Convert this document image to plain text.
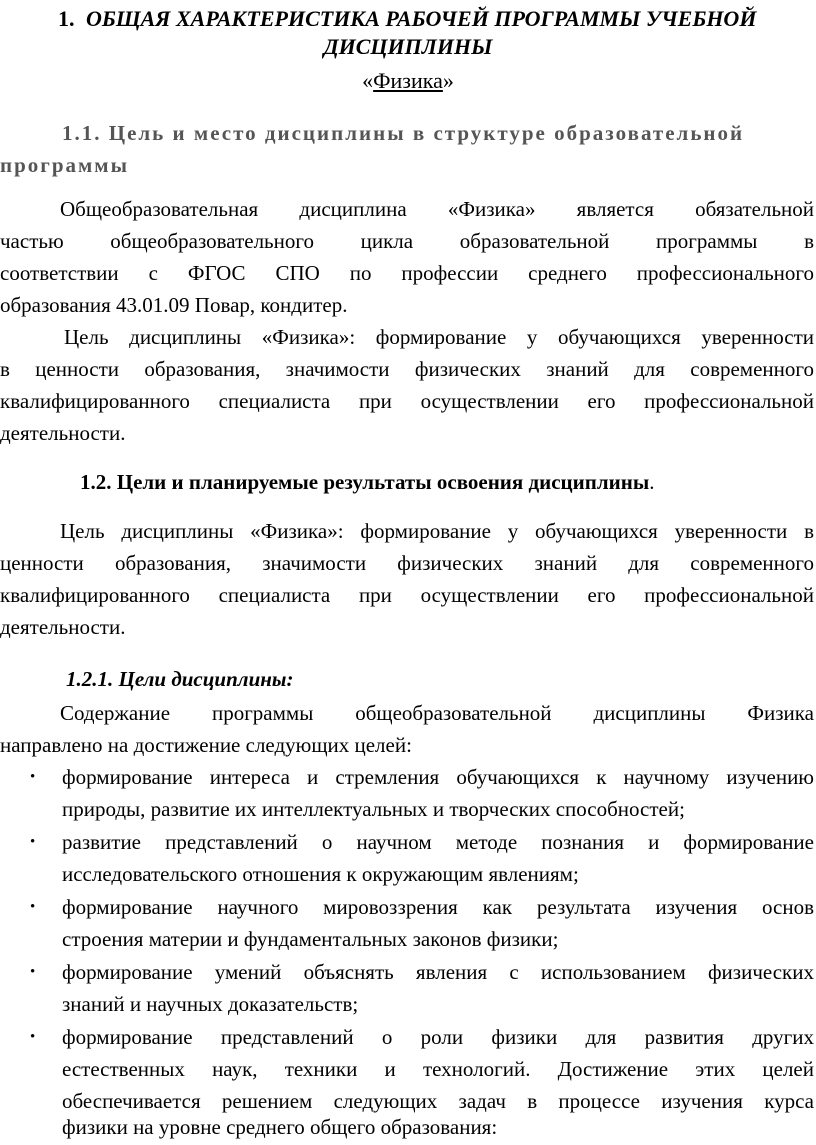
1. ОБЩАЯ ХАРАКТЕРИСТИКА РАБОЧЕЙ ПРОГРАММЫ УЧЕБНОЙ
ДИСЦИПЛИНЫ
«Физика»
1.1. Цель и место дисциплины в структуре образовательной
программы
Общеобразовательная дисциплина «Физика» является обязательной
частью общеобразовательного цикла образовательной программы в
соответствии с ФГОС СПО по профессии среднего профессионального
образования 43.01.09 Повар, кондитер.
Цель дисциплины «Физика»: формирование у обучающихся уверенности
в ценности образования, значимости физических знаний для современного
квалифицированного специалиста при осуществлении его профессиональной
деятельности.
1.2. Цели и планируемые результаты освоения дисциплины.
Цель дисциплины «Физика»: формирование у обучающихся уверенности в
ценности образования, значимости физических знаний для современного
квалифицированного специалиста при осуществлении его профессиональной
деятельности.
1.2.1. Цели дисциплины:
Содержание программы общеобразовательной дисциплины Физика
направлено на достижение следующих целей:
• формирование интереса и стремления обучающихся к научному изучению
природы, развитие их интеллектуальных и творческих способностей;
• развитие представлений о научном методе познания и формирование
исследовательского отношения к окружающим явлениям;
• формирование научного мировоззрения как результата изучения основ
строения материи и фундаментальных законов физики;
• формирование умений объяснять явления с использованием физических
знаний и научных доказательств;
• формирование представлений о роли физики для развития других
естественных наук, техники и технологий. Достижение этих целей
обеспечивается решением следующих задач в процессе изучения курса
физики на уровне среднего общего образования:
